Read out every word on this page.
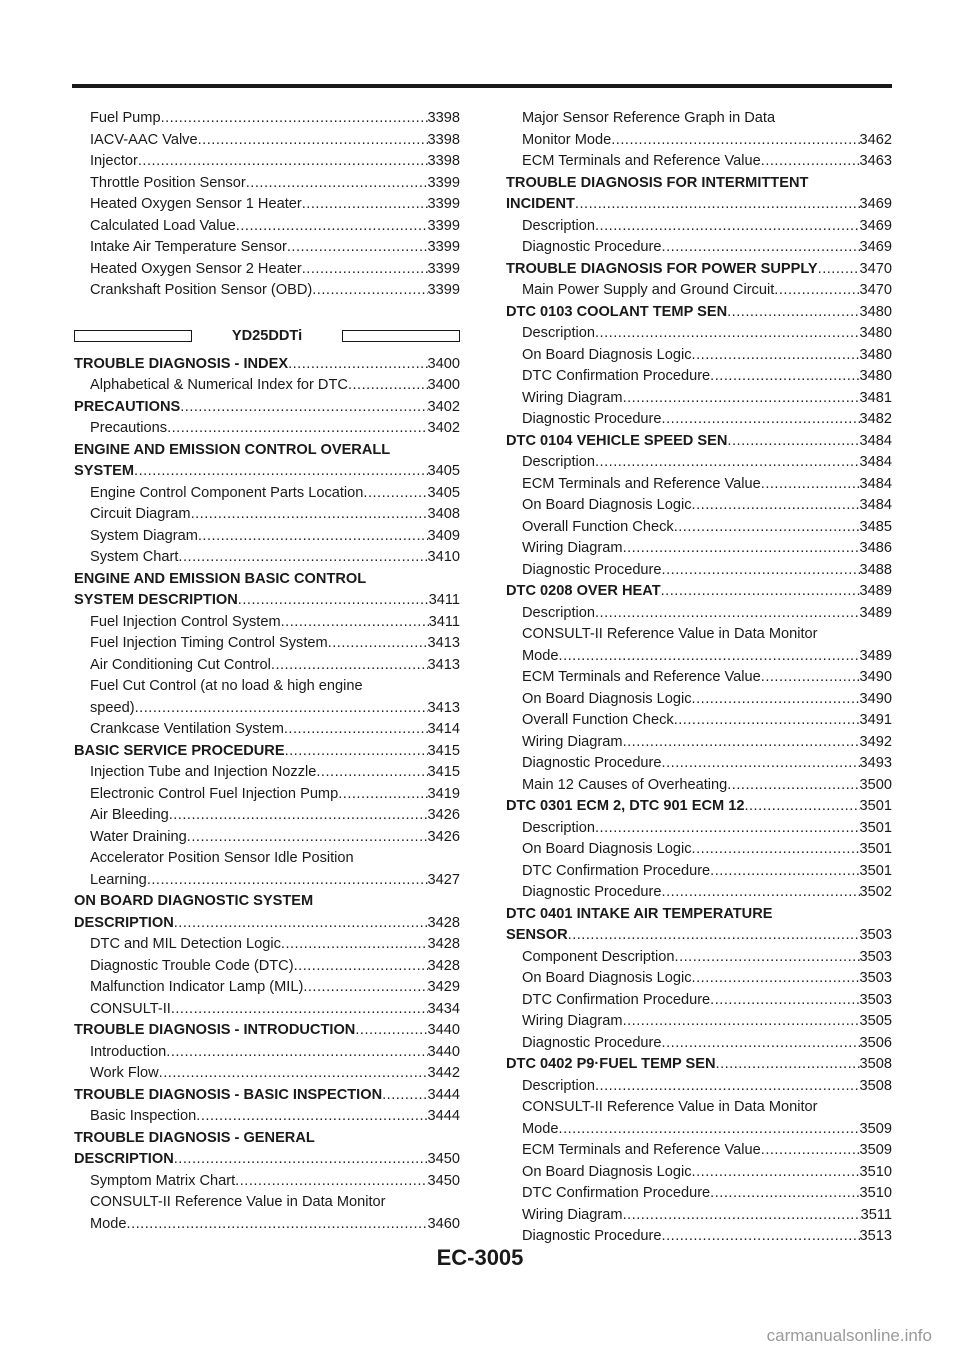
Fuel Pump .....	3398
IACV-AAC Valve .....	3398
Injector .....	3398
Throttle Position Sensor .....	3399
Heated Oxygen Sensor 1 Heater .....	3399
Calculated Load Value .....	3399
Intake Air Temperature Sensor .....	3399
Heated Oxygen Sensor 2 Heater .....	3399
Crankshaft Position Sensor (OBD) .....	3399
YD25DDTi
TROUBLE DIAGNOSIS - INDEX .....	3400
Alphabetical & Numerical Index for DTC .....	3400
PRECAUTIONS .....	3402
Precautions .....	3402
ENGINE AND EMISSION CONTROL OVERALL
SYSTEM .....	3405
Engine Control Component Parts Location .....	3405
Circuit Diagram .....	3408
System Diagram .....	3409
System Chart .....	3410
ENGINE AND EMISSION BASIC CONTROL
SYSTEM DESCRIPTION .....	3411
Fuel Injection Control System .....	3411
Fuel Injection Timing Control System .....	3413
Air Conditioning Cut Control .....	3413
Fuel Cut Control (at no load & high engine
speed) .....	3413
Crankcase Ventilation System .....	3414
BASIC SERVICE PROCEDURE .....	3415
Injection Tube and Injection Nozzle .....	3415
Electronic Control Fuel Injection Pump .....	3419
Air Bleeding .....	3426
Water Draining .....	3426
Accelerator Position Sensor Idle Position
Learning .....	3427
ON BOARD DIAGNOSTIC SYSTEM
DESCRIPTION .....	3428
DTC and MIL Detection Logic .....	3428
Diagnostic Trouble Code (DTC) .....	3428
Malfunction Indicator Lamp (MIL) .....	3429
CONSULT-II .....	3434
TROUBLE DIAGNOSIS - INTRODUCTION .....	3440
Introduction .....	3440
Work Flow .....	3442
TROUBLE DIAGNOSIS - BASIC INSPECTION .....	3444
Basic Inspection .....	3444
TROUBLE DIAGNOSIS - GENERAL
DESCRIPTION .....	3450
Symptom Matrix Chart .....	3450
CONSULT-II Reference Value in Data Monitor
Mode .....	3460
Major Sensor Reference Graph in Data
Monitor Mode .....	3462
ECM Terminals and Reference Value .....	3463
TROUBLE DIAGNOSIS FOR INTERMITTENT
INCIDENT .....	3469
Description .....	3469
Diagnostic Procedure .....	3469
TROUBLE DIAGNOSIS FOR POWER SUPPLY .....	3470
Main Power Supply and Ground Circuit .....	3470
DTC 0103 COOLANT TEMP SEN .....	3480
Description .....	3480
On Board Diagnosis Logic .....	3480
DTC Confirmation Procedure .....	3480
Wiring Diagram .....	3481
Diagnostic Procedure .....	3482
DTC 0104 VEHICLE SPEED SEN .....	3484
Description .....	3484
ECM Terminals and Reference Value .....	3484
On Board Diagnosis Logic .....	3484
Overall Function Check .....	3485
Wiring Diagram .....	3486
Diagnostic Procedure .....	3488
DTC 0208 OVER HEAT .....	3489
Description .....	3489
CONSULT-II Reference Value in Data Monitor
Mode .....	3489
ECM Terminals and Reference Value .....	3490
On Board Diagnosis Logic .....	3490
Overall Function Check .....	3491
Wiring Diagram .....	3492
Diagnostic Procedure .....	3493
Main 12 Causes of Overheating .....	3500
DTC 0301 ECM 2, DTC 901 ECM 12 .....	3501
Description .....	3501
On Board Diagnosis Logic .....	3501
DTC Confirmation Procedure .....	3501
Diagnostic Procedure .....	3502
DTC 0401 INTAKE AIR TEMPERATURE
SENSOR .....	3503
Component Description .....	3503
On Board Diagnosis Logic .....	3503
DTC Confirmation Procedure .....	3503
Wiring Diagram .....	3505
Diagnostic Procedure .....	3506
DTC 0402 P9·FUEL TEMP SEN .....	3508
Description .....	3508
CONSULT-II Reference Value in Data Monitor
Mode .....	3509
ECM Terminals and Reference Value .....	3509
On Board Diagnosis Logic .....	3510
DTC Confirmation Procedure .....	3510
Wiring Diagram .....	3511
Diagnostic Procedure .....	3513
EC-3005
carmanualsonline.info
